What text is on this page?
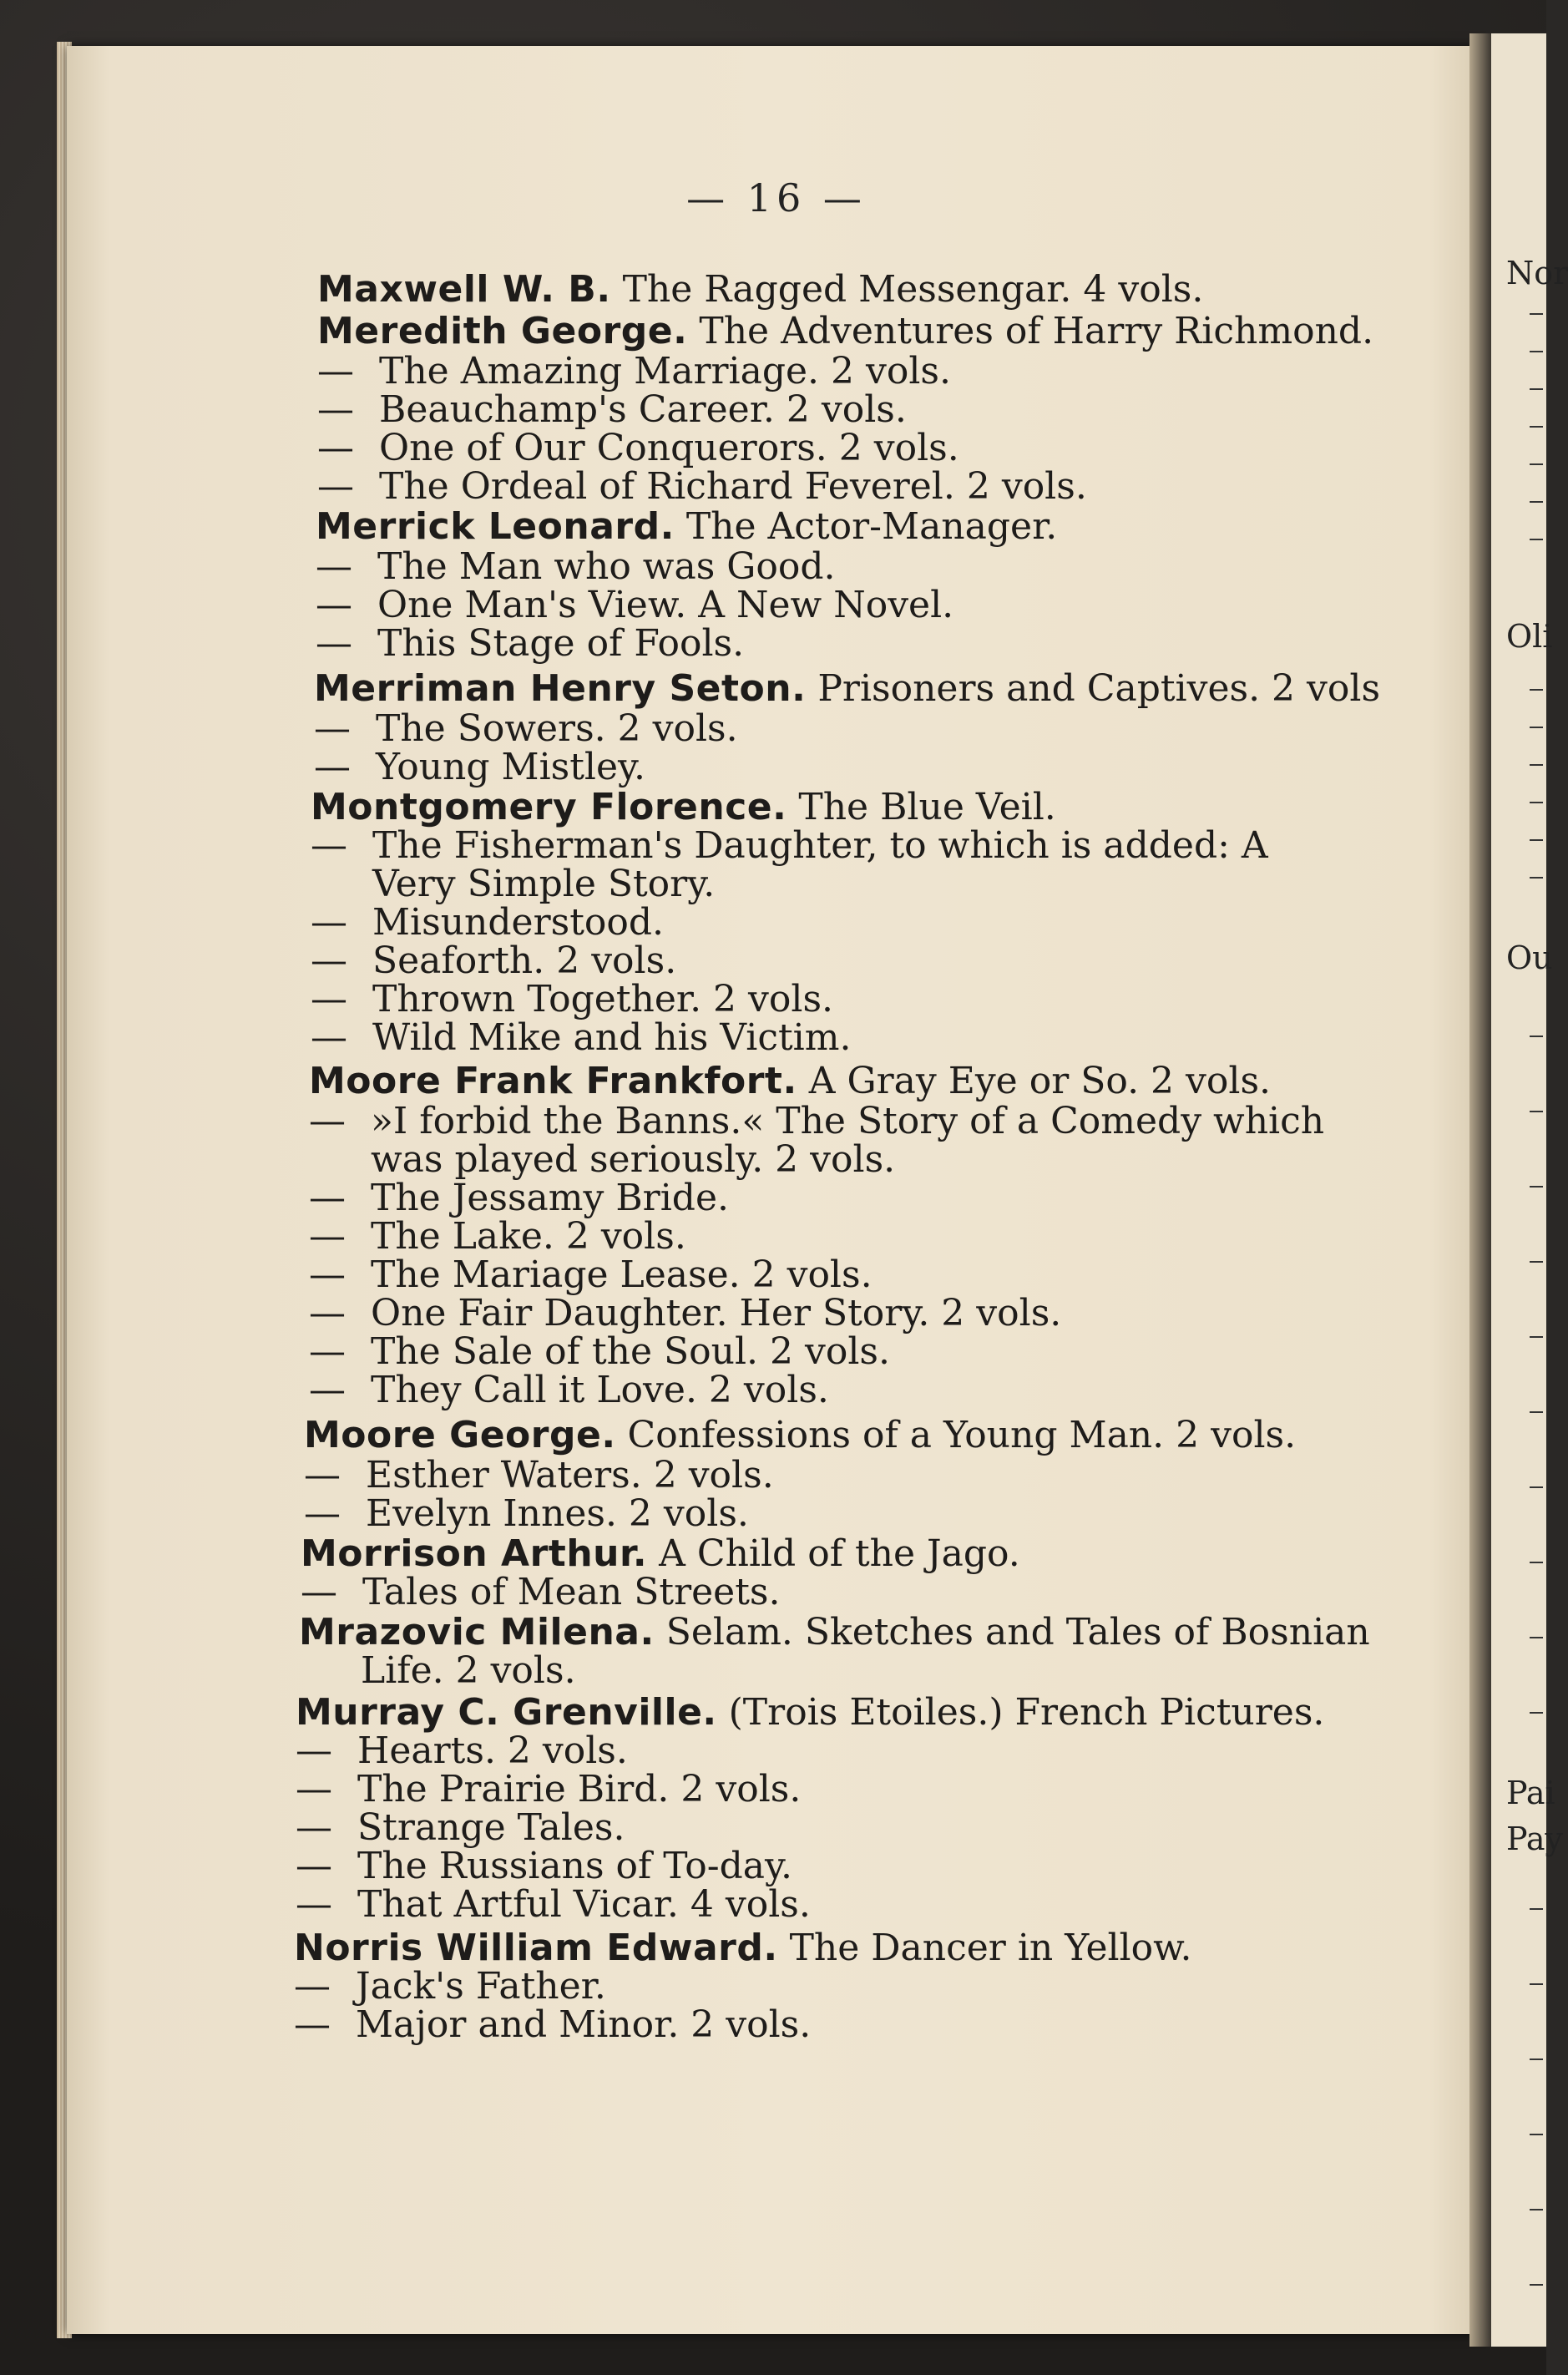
Nor
Oli
Ou
Pai
Pay
— 16 —
Maxwell W. B. The Ragged Messengar. 4 vols.
Meredith George. The Adventures of Harry Richmond.
— The Amazing Marriage. 2 vols.
— Beauchamp's Career. 2 vols.
— One of Our Conquerors. 2 vols.
— The Ordeal of Richard Feverel. 2 vols.
Merrick Leonard. The Actor-Manager.
— The Man who was Good.
— One Man's View. A New Novel.
— This Stage of Fools.
Merriman Henry Seton. Prisoners and Captives. 2 vols
— The Sowers. 2 vols.
— Young Mistley.
Montgomery Florence. The Blue Veil.
— The Fisherman's Daughter, to which is added: A
Very Simple Story.
— Misunderstood.
— Seaforth. 2 vols.
— Thrown Together. 2 vols.
— Wild Mike and his Victim.
Moore Frank Frankfort. A Gray Eye or So. 2 vols.
— »I forbid the Banns.« The Story of a Comedy which
was played seriously. 2 vols.
— The Jessamy Bride.
— The Lake. 2 vols.
— The Mariage Lease. 2 vols.
— One Fair Daughter. Her Story. 2 vols.
— The Sale of the Soul. 2 vols.
— They Call it Love. 2 vols.
Moore George. Confessions of a Young Man. 2 vols.
— Esther Waters. 2 vols.
— Evelyn Innes. 2 vols.
Morrison Arthur. A Child of the Jago.
— Tales of Mean Streets.
Mrazovic Milena. Selam. Sketches and Tales of Bosnian
Life. 2 vols.
Murray C. Grenville. (Trois Etoiles.) French Pictures.
— Hearts. 2 vols.
— The Prairie Bird. 2 vols.
— Strange Tales.
— The Russians of To-day.
— That Artful Vicar. 4 vols.
Norris William Edward. The Dancer in Yellow.
— Jack's Father.
— Major and Minor. 2 vols.
